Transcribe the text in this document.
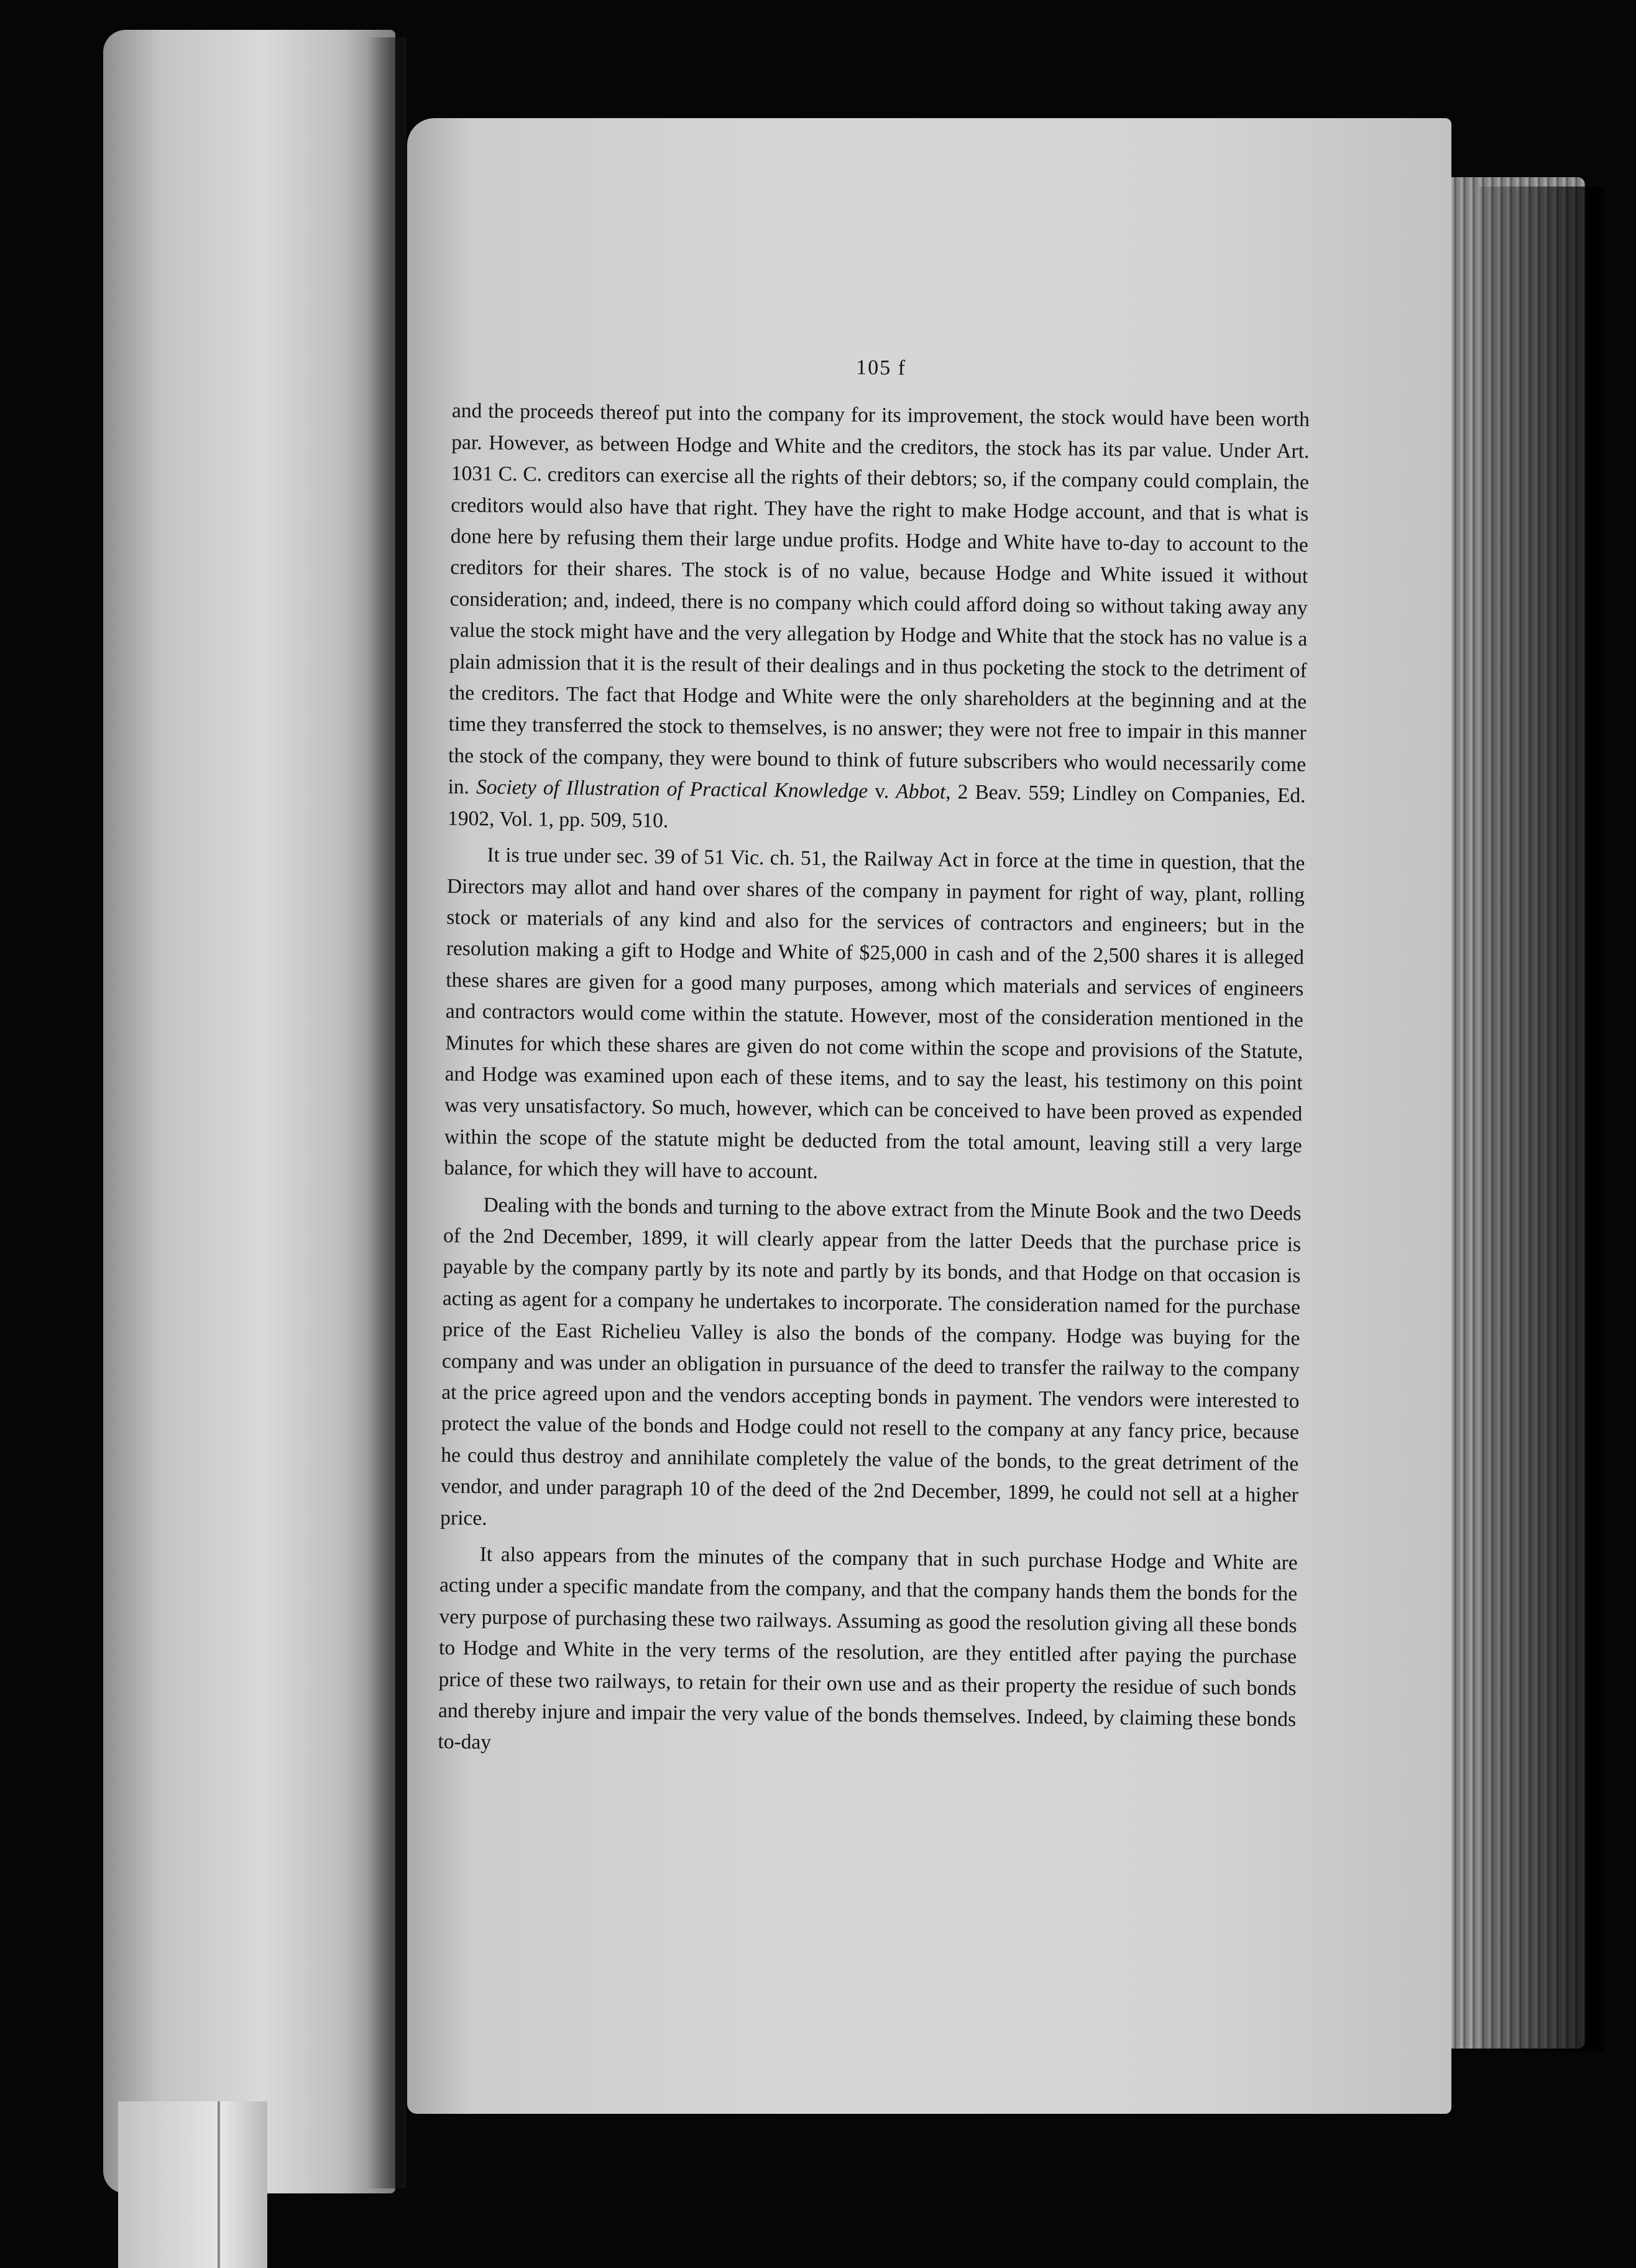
105 f

and the proceeds thereof put into the company for its improvement, the stock would have been worth par. However, as between Hodge and White and the creditors, the stock has its par value. Under Art. 1031 C. C. creditors can exercise all the rights of their debtors; so, if the company could complain, the creditors would also have that right. They have the right to make Hodge account, and that is what is done here by refusing them their large undue profits. Hodge and White have to-day to account to the creditors for their shares. The stock is of no value, because Hodge and White issued it without consideration; and, indeed, there is no company which could afford doing so without taking away any value the stock might have and the very allegation by Hodge and White that the stock has no value is a plain admission that it is the result of their dealings and in thus pocketing the stock to the detriment of the creditors. The fact that Hodge and White were the only shareholders at the beginning and at the time they transferred the stock to themselves, is no answer; they were not free to impair in this manner the stock of the company, they were bound to think of future subscribers who would necessarily come in. Society of Illustration of Practical Knowledge v. Abbot, 2 Beav. 559; Lindley on Companies, Ed. 1902, Vol. 1, pp. 509, 510.

It is true under sec. 39 of 51 Vic. ch. 51, the Railway Act in force at the time in question, that the Directors may allot and hand over shares of the company in payment for right of way, plant, rolling stock or materials of any kind and also for the services of contractors and engineers; but in the resolution making a gift to Hodge and White of $25,000 in cash and of the 2,500 shares it is alleged these shares are given for a good many purposes, among which materials and services of engineers and contractors would come within the statute. However, most of the consideration mentioned in the Minutes for which these shares are given do not come within the scope and provisions of the Statute, and Hodge was examined upon each of these items, and to say the least, his testimony on this point was very unsatisfactory. So much, however, which can be conceived to have been proved as expended within the scope of the statute might be deducted from the total amount, leaving still a very large balance, for which they will have to account.

Dealing with the bonds and turning to the above extract from the Minute Book and the two Deeds of the 2nd December, 1899, it will clearly appear from the latter Deeds that the purchase price is payable by the company partly by its note and partly by its bonds, and that Hodge on that occasion is acting as agent for a company he undertakes to incorporate. The consideration named for the purchase price of the East Richelieu Valley is also the bonds of the company. Hodge was buying for the company and was under an obligation in pursuance of the deed to transfer the railway to the company at the price agreed upon and the vendors accepting bonds in payment. The vendors were interested to protect the value of the bonds and Hodge could not resell to the company at any fancy price, because he could thus destroy and annihilate completely the value of the bonds, to the great detriment of the vendor, and under paragraph 10 of the deed of the 2nd December, 1899, he could not sell at a higher price.

It also appears from the minutes of the company that in such purchase Hodge and White are acting under a specific mandate from the company, and that the company hands them the bonds for the very purpose of purchasing these two railways. Assuming as good the resolution giving all these bonds to Hodge and White in the very terms of the resolution, are they entitled after paying the purchase price of these two railways, to retain for their own use and as their property the residue of such bonds and thereby injure and impair the very value of the bonds themselves. Indeed, by claiming these bonds to-day
